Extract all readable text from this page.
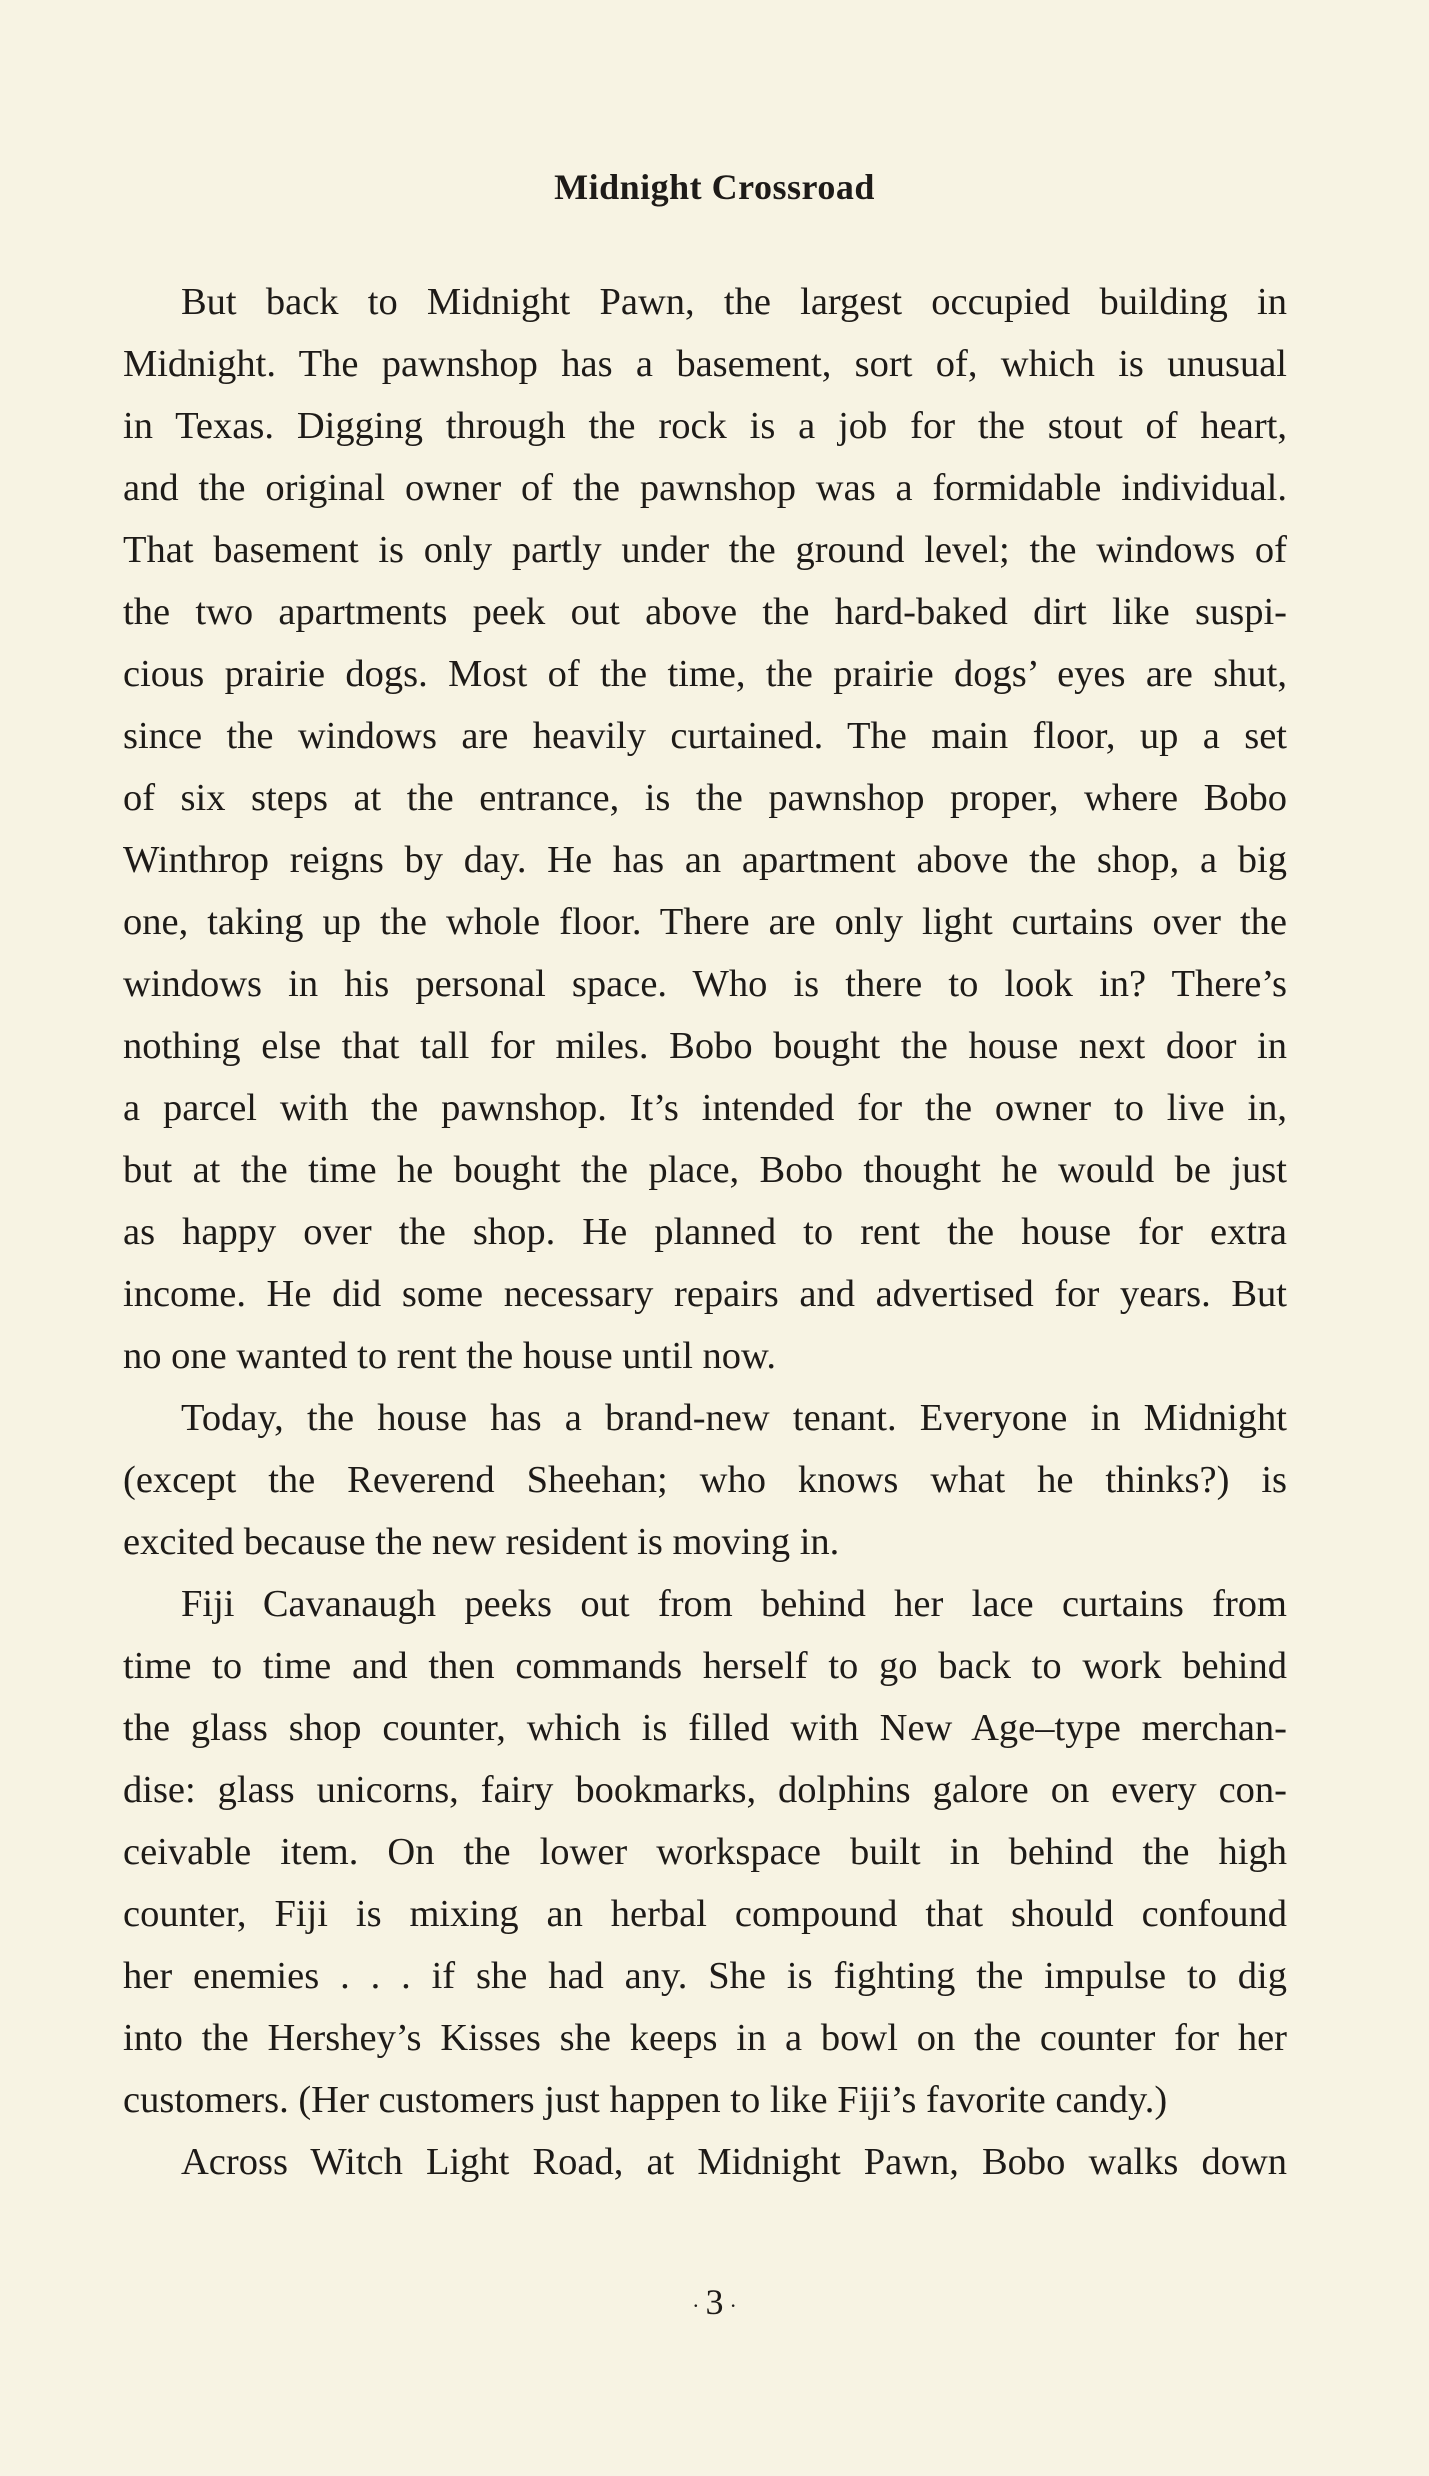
Midnight Crossroad
But back to Midnight Pawn, the largest occupied building in
Midnight. The pawnshop has a basement, sort of, which is unusual
in Texas. Digging through the rock is a job for the stout of heart,
and the original owner of the pawnshop was a formidable individual.
That basement is only partly under the ground level; the windows of
the two apartments peek out above the hard-baked dirt like suspi-
cious prairie dogs. Most of the time, the prairie dogs’ eyes are shut,
since the windows are heavily curtained. The main floor, up a set
of six steps at the entrance, is the pawnshop proper, where Bobo
Winthrop reigns by day. He has an apartment above the shop, a big
one, taking up the whole floor. There are only light curtains over the
windows in his personal space. Who is there to look in? There’s
nothing else that tall for miles. Bobo bought the house next door in
a parcel with the pawnshop. It’s intended for the owner to live in,
but at the time he bought the place, Bobo thought he would be just
as happy over the shop. He planned to rent the house for extra
income. He did some necessary repairs and advertised for years. But
no one wanted to rent the house until now.
Today, the house has a brand-new tenant. Everyone in Midnight
(except the Reverend Sheehan; who knows what he thinks?) is
excited because the new resident is moving in.
Fiji Cavanaugh peeks out from behind her lace curtains from
time to time and then commands herself to go back to work behind
the glass shop counter, which is filled with New Age–type merchan-
dise: glass unicorns, fairy bookmarks, dolphins galore on every con-
ceivable item. On the lower workspace built in behind the high
counter, Fiji is mixing an herbal compound that should confound
her enemies . . . if she had any. She is fighting the impulse to dig
into the Hershey’s Kisses she keeps in a bowl on the counter for her
customers. (Her customers just happen to like Fiji’s favorite candy.)
Across Witch Light Road, at Midnight Pawn, Bobo walks down
· 3 ·
